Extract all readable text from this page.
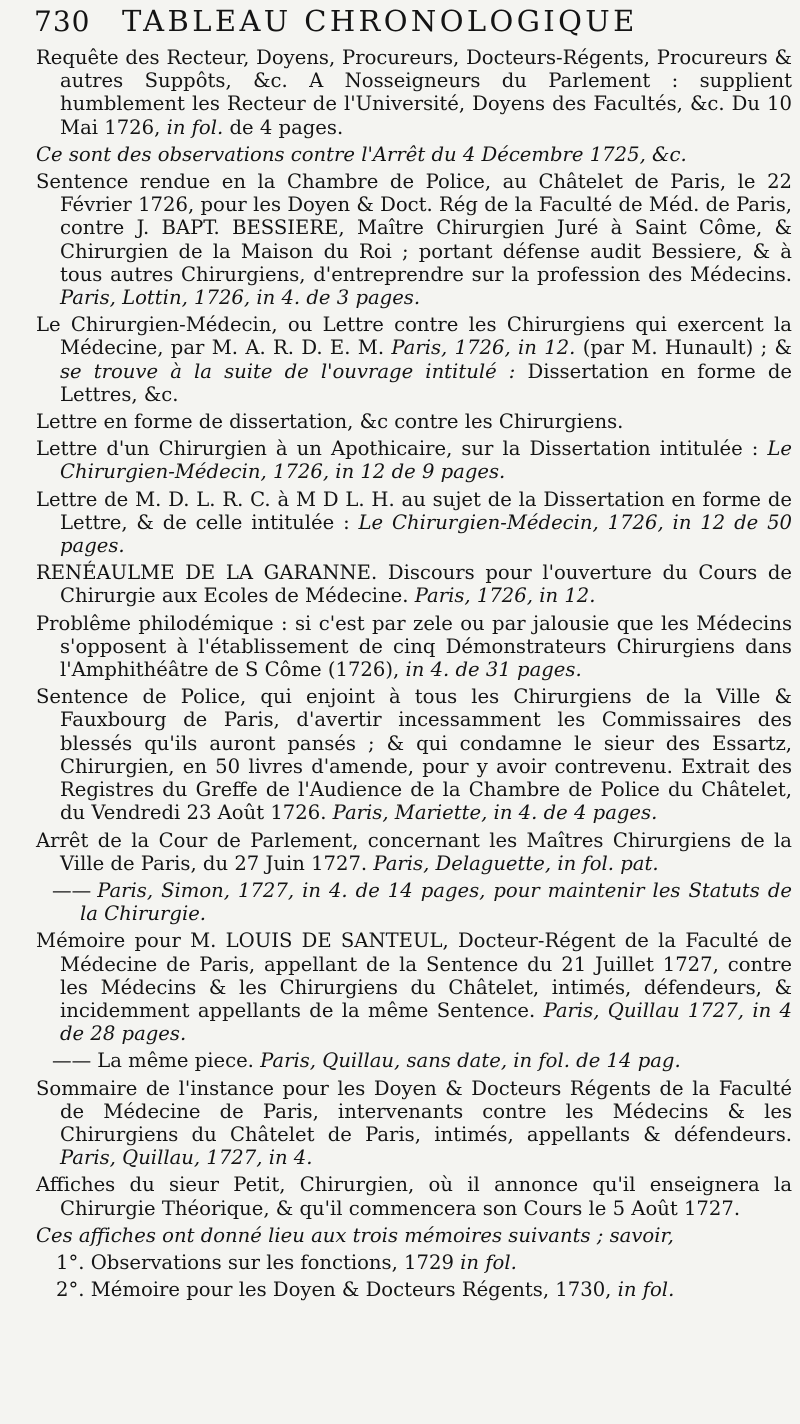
730	TABLEAU CHRONOLOGIQUE

Requête des Recteur, Doyens, Procureurs, Docteurs-Régents, Procureurs & autres Suppôts, &c. A Nosseigneurs du Parlement : supplient humblement les Recteur de l'Université, Doyens des Facultés, &c. Du 10 Mai 1726, in fol. de 4 pages.

Ce sont des observations contre l'Arrêt du 4 Décembre 1725, &c.

Sentence rendue en la Chambre de Police, au Châtelet de Paris, le 22 Février 1726, pour les Doyen & Doct. Rég de la Faculté de Méd. de Paris, contre J. BAPT. BESSIERE, Maître Chirurgien Juré à Saint Côme, & Chirurgien de la Maison du Roi ; portant défense audit Bessiere, & à tous autres Chirurgiens, d'entreprendre sur la profession des Médecins. Paris, Lottin, 1726, in 4. de 3 pages.

Le Chirurgien-Médecin, ou Lettre contre les Chirurgiens qui exercent la Médecine, par M. A. R. D. E. M. Paris, 1726, in 12. (par M. Hunault) ; & se trouve à la suite de l'ouvrage intitulé : Dissertation en forme de Lettres, &c.

Lettre en forme de dissertation, &c contre les Chirurgiens.

Lettre d'un Chirurgien à un Apothicaire, sur la Dissertation intitulée : Le Chirurgien-Médecin, 1726, in 12 de 9 pages.

Lettre de M. D. L. R. C. à M D L. H. au sujet de la Dissertation en forme de Lettre, & de celle intitulée : Le Chirurgien-Médecin, 1726, in 12 de 50 pages.

RENÉAULME DE LA GARANNE. Discours pour l'ouverture du Cours de Chirurgie aux Ecoles de Médecine. Paris, 1726, in 12.

Problême philodémique : si c'est par zele ou par jalousie que les Médecins s'opposent à l'établissement de cinq Démonstrateurs Chirurgiens dans l'Amphithéâtre de S Côme (1726), in 4. de 31 pages.

Sentence de Police, qui enjoint à tous les Chirurgiens de la Ville & Fauxbourg de Paris, d'avertir incessamment les Commissaires des blessés qu'ils auront pansés ; & qui condamne le sieur des Essartz, Chirurgien, en 50 livres d'amende, pour y avoir contrevenu. Extrait des Registres du Greffe de l'Audience de la Chambre de Police du Châtelet, du Vendredi 23 Août 1726. Paris, Mariette, in 4. de 4 pages.

Arrêt de la Cour de Parlement, concernant les Maîtres Chirurgiens de la Ville de Paris, du 27 Juin 1727. Paris, Delaguette, in fol. pat.

—— Paris, Simon, 1727, in 4. de 14 pages, pour maintenir les Statuts de la Chirurgie.

Mémoire pour M. LOUIS DE SANTEUL, Docteur-Régent de la Faculté de Médecine de Paris, appellant de la Sentence du 21 Juillet 1727, contre les Médecins & les Chirurgiens du Châtelet, intimés, défendeurs, & incidemment appellants de la même Sentence. Paris, Quillau 1727, in 4 de 28 pages.

—— La même piece. Paris, Quillau, sans date, in fol. de 14 pag.

Sommaire de l'instance pour les Doyen & Docteurs Régents de la Faculté de Médecine de Paris, intervenants contre les Médecins & les Chirurgiens du Châtelet de Paris, intimés, appellants & défendeurs. Paris, Quillau, 1727, in 4.

Affiches du sieur Petit, Chirurgien, où il annonce qu'il enseignera la Chirurgie Théorique, & qu'il commencera son Cours le 5 Août 1727.

Ces affiches ont donné lieu aux trois mémoires suivants ; savoir,

1°. Observations sur les fonctions, 1729 in fol.

2°. Mémoire pour les Doyen & Docteurs Régents, 1730, in fol.
